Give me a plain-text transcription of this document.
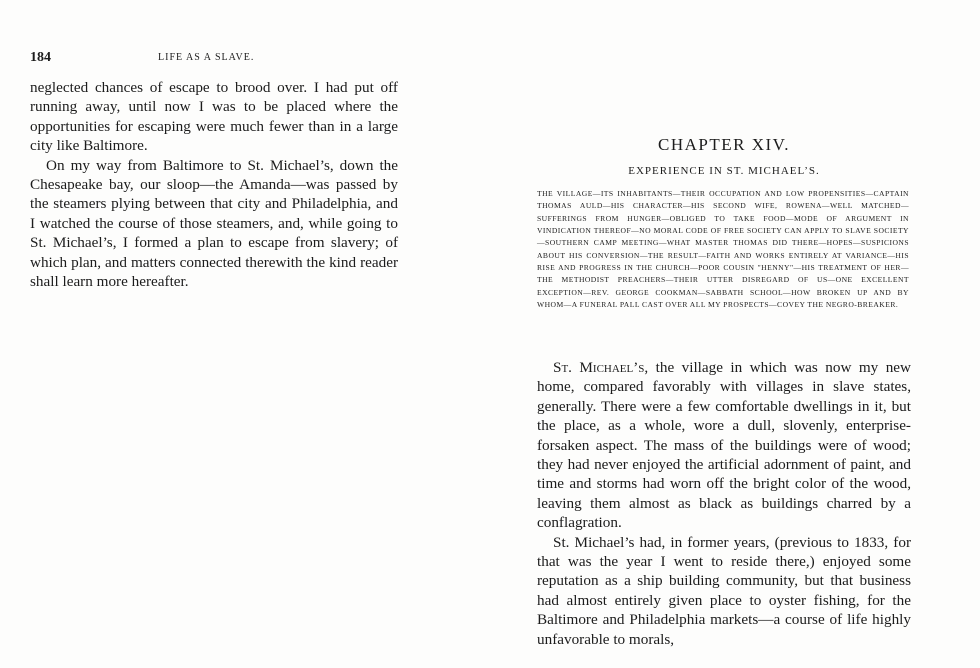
184	LIFE AS A SLAVE.

neglected chances of escape to brood over. I had put off running away, until now I was to be placed where the opportunities for escaping were much fewer than in a large city like Baltimore.

On my way from Baltimore to St. Michael’s, down the Chesapeake bay, our sloop—the Amanda—was passed by the steamers plying between that city and Philadelphia, and I watched the course of those steamers, and, while going to St. Michael’s, I formed a plan to escape from slavery; of which plan, and matters connected therewith the kind reader shall learn more hereafter.

CHAPTER XIV.
EXPERIENCE IN ST. MICHAEL’S.
THE VILLAGE—ITS INHABITANTS—THEIR OCCUPATION AND LOW PROPENSITIES—CAPTAIN THOMAS AULD—HIS CHARACTER—HIS SECOND WIFE, ROWENA—WELL MATCHED—SUFFERINGS FROM HUNGER—OBLIGED TO TAKE FOOD—MODE OF ARGUMENT IN VINDICATION THEREOF—NO MORAL CODE OF FREE SOCIETY CAN APPLY TO SLAVE SOCIETY—SOUTHERN CAMP MEETING—WHAT MASTER THOMAS DID THERE—HOPES—SUSPICIONS ABOUT HIS CONVERSION—THE RESULT—FAITH AND WORKS ENTIRELY AT VARIANCE—HIS RISE AND PROGRESS IN THE CHURCH—POOR COUSIN "HENNY"—HIS TREATMENT OF HER—THE METHODIST PREACHERS—THEIR UTTER DISREGARD OF US—ONE EXCELLENT EXCEPTION—REV. GEORGE COOKMAN—SABBATH SCHOOL—HOW BROKEN UP AND BY WHOM—A FUNERAL PALL CAST OVER ALL MY PROSPECTS—COVEY THE NEGRO-BREAKER.

St. Michael’s, the village in which was now my new home, compared favorably with villages in slave states, generally. There were a few comfortable dwellings in it, but the place, as a whole, wore a dull, slovenly, enterprise-forsaken aspect. The mass of the buildings were of wood; they had never enjoyed the artificial adornment of paint, and time and storms had worn off the bright color of the wood, leaving them almost as black as buildings charred by a conflagration.

St. Michael’s had, in former years, (previous to 1833, for that was the year I went to reside there,) enjoyed some reputation as a ship building community, but that business had almost entirely given place to oyster fishing, for the Baltimore and Philadelphia markets—a course of life highly unfavorable to morals,
